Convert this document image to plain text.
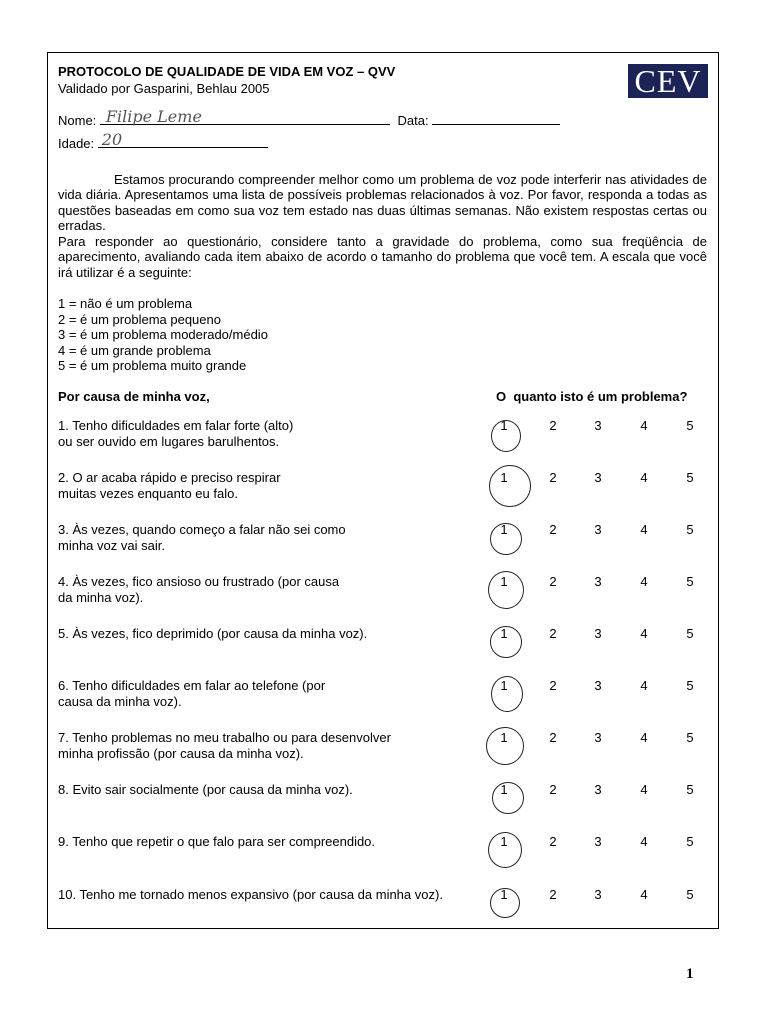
PROTOCOLO DE QUALIDADE DE VIDA EM VOZ – QVV
Validado por Gasparini, Behlau 2005	CEV
Nome: Filipe Leme	Data:
Idade: 20
Estamos procurando compreender melhor como um problema de voz pode interferir nas atividades de vida diária. Apresentamos uma lista de possíveis problemas relacionados à voz. Por favor, responda a todas as questões baseadas em como sua voz tem estado nas duas últimas semanas. Não existem respostas certas ou erradas.
Para responder ao questionário, considere tanto a gravidade do problema, como sua freqüência de aparecimento, avaliando cada item abaixo de acordo o tamanho do problema que você tem. A escala que você irá utilizar é a seguinte:
1 = não é um problema
2 = é um problema pequeno
3 = é um problema moderado/médio
4 = é um grande problema
5 = é um problema muito grande
Por causa de minha voz,	O  quanto isto é um problema?
1. Tenho dificuldades em falar forte (alto)
ou ser ouvido em lugares barulhentos.
1	2	3	4	5
2. O ar acaba rápido e preciso respirar
muitas vezes enquanto eu falo.
1	2	3	4	5
3. Às vezes, quando começo a falar não sei como
minha voz vai sair.
1	2	3	4	5
4. Às vezes, fico ansioso ou frustrado (por causa
da minha voz).
1	2	3	4	5
5. Às vezes, fico deprimido (por causa da minha voz).	1	2	3	4	5
6. Tenho dificuldades em falar ao telefone (por
causa da minha voz).
1	2	3	4	5
7. Tenho problemas no meu trabalho ou para desenvolver
minha profissão (por causa da minha voz).
1	2	3	4	5
8. Evito sair socialmente (por causa da minha voz).	1	2	3	4	5
9. Tenho que repetir o que falo para ser compreendido.	1	2	3	4	5
10. Tenho me tornado menos expansivo (por causa da minha voz).	1	2	3	4	5
1
